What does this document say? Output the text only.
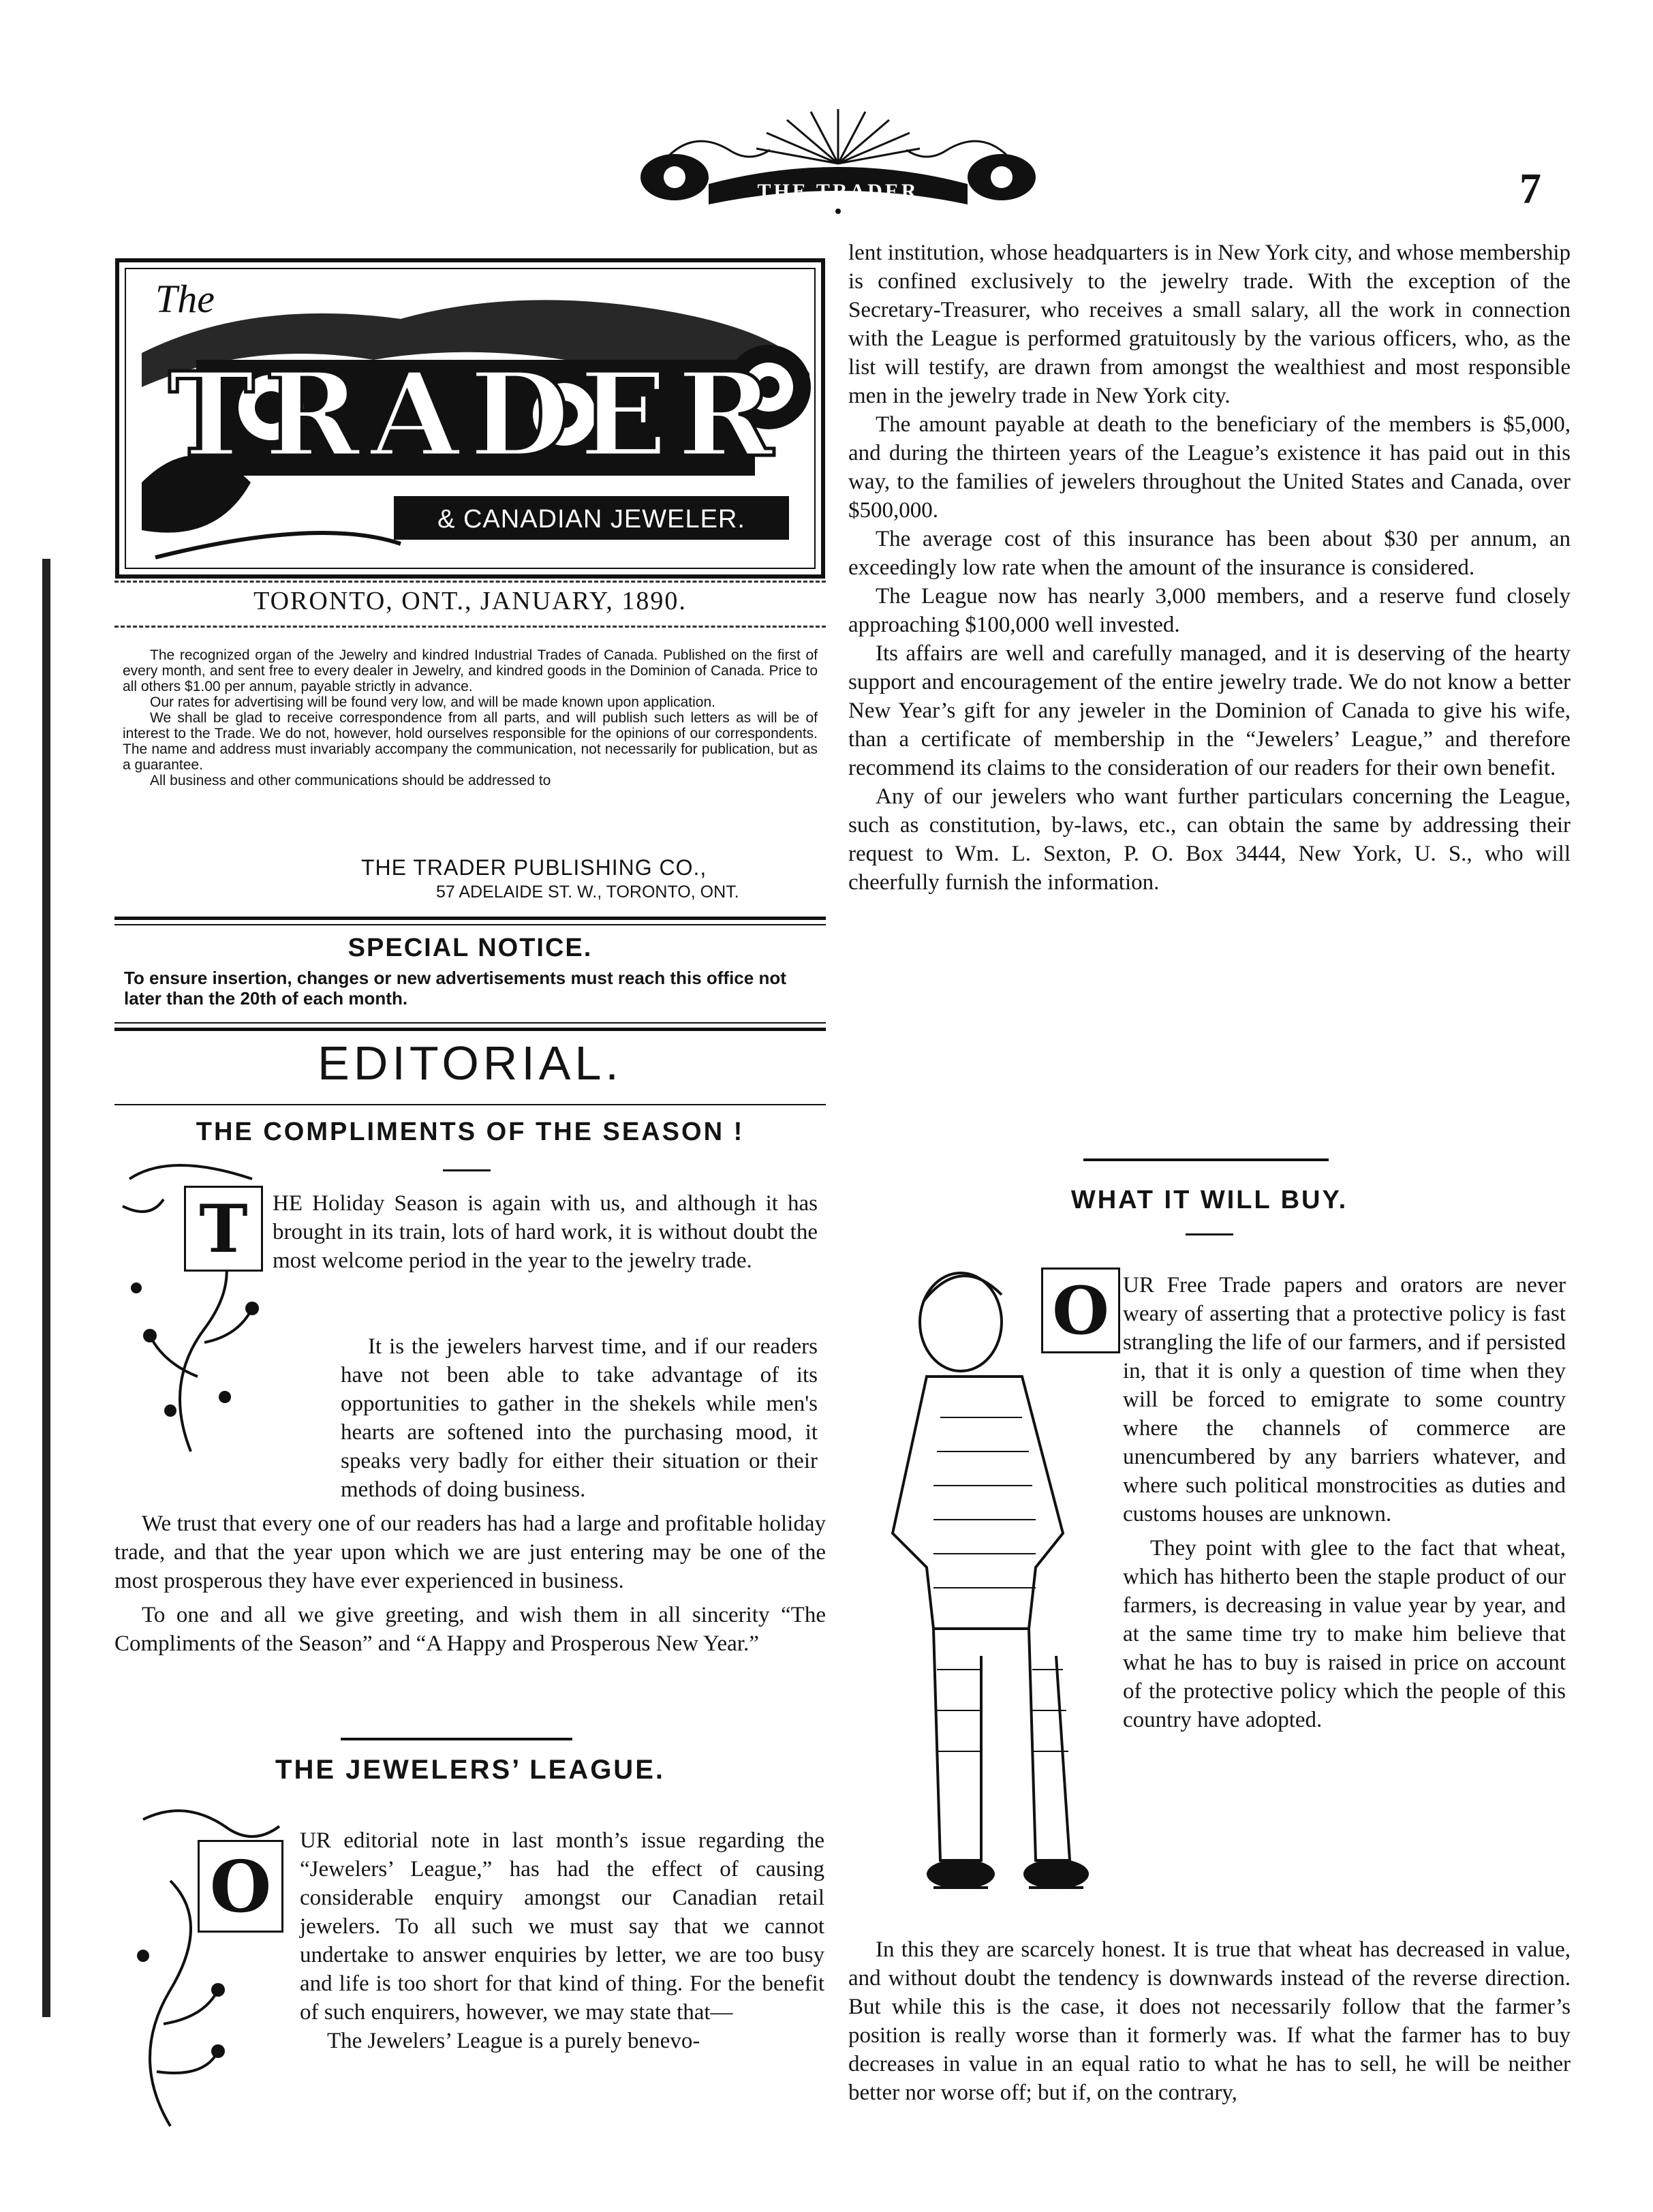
7
THE TRADER
The
TRADER
& CANADIAN JEWELER.
TORONTO, ONT., JANUARY, 1890.

The recognized organ of the Jewelry and kindred Industrial Trades of Canada. Published on the first of every month, and sent free to every dealer in Jewelry, and kindred goods in the Dominion of Canada. Price to all others $1.00 per annum, payable strictly in advance.

Our rates for advertising will be found very low, and will be made known upon application.

We shall be glad to receive correspondence from all parts, and will publish such letters as will be of interest to the Trade. We do not, however, hold ourselves responsible for the opinions of our correspondents. The name and address must invariably accompany the communication, not necessarily for publication, but as a guarantee.

All business and other communications should be addressed to

THE TRADER PUBLISHING CO.,
57 ADELAIDE ST. W., TORONTO, ONT.
SPECIAL NOTICE.
To ensure insertion, changes or new advertisements must reach this office not later than the 20th of each month.
EDITORIAL.
THE COMPLIMENTS OF THE SEASON !
T	HE Holiday Season is again with us, and although it has brought in its train, lots of hard work, it is without doubt the most welcome period in the year to the jewelry trade.

It is the jewelers harvest time, and if our readers have not been able to take advantage of its opportunities to gather in the shekels while men's hearts are softened into the purchasing mood, it speaks very badly for either their situation or their methods of doing business.

We trust that every one of our readers has had a large and profitable holiday trade, and that the year upon which we are just entering may be one of the most prosperous they have ever experienced in business.

To one and all we give greeting, and wish them in all sincerity “The Compliments of the Season” and “A Happy and Prosperous New Year.”

THE JEWELERS’ LEAGUE.
O

UR editorial note in last month’s issue regarding the “Jewelers’ League,” has had the effect of causing considerable enquiry amongst our Canadian retail jewelers. To all such we must say that we cannot undertake to answer enquiries by letter, we are too busy and life is too short for that kind of thing. For the benefit of such enquirers, however, we may state that—

The Jewelers’ League is a purely benevo-

lent institution, whose headquarters is in New York city, and whose membership is confined exclusively to the jewelry trade. With the exception of the Secretary-Treasurer, who receives a small salary, all the work in connection with the League is performed gratuitously by the various officers, who, as the list will testify, are drawn from amongst the wealthiest and most responsible men in the jewelry trade in New York city.

The amount payable at death to the beneficiary of the members is $5,000, and during the thirteen years of the League’s existence it has paid out in this way, to the families of jewelers throughout the United States and Canada, over $500,000.

The average cost of this insurance has been about $30 per annum, an exceedingly low rate when the amount of the insurance is considered.

The League now has nearly 3,000 members, and a reserve fund closely approaching $100,000 well invested.

Its affairs are well and carefully managed, and it is deserving of the hearty support and encouragement of the entire jewelry trade. We do not know a better New Year’s gift for any jeweler in the Dominion of Canada to give his wife, than a certificate of membership in the “Jewelers’ League,” and therefore recommend its claims to the consideration of our readers for their own benefit.

Any of our jewelers who want further particulars concerning the League, such as constitution, by-laws, etc., can obtain the same by addressing their request to Wm. L. Sexton, P. O. Box 3444, New York, U. S., who will cheerfully furnish the information.

WHAT IT WILL BUY.
O UR Free Trade papers and orators are never weary of asserting that a protective policy is fast strangling the life of our farmers, and if persisted in, that it is only a question of time when they will be forced to emigrate to some country where the channels of commerce are unencumbered by any barriers whatever, and where such political monstrocities as duties and customs houses are unknown.

They point with glee to the fact that wheat, which has hitherto been the staple product of our farmers, is decreasing in value year by year, and at the same time try to make him believe that what he has to buy is raised in price on account of the protective policy which the people of this country have adopted.

In this they are scarcely honest. It is true that wheat has decreased in value, and without doubt the tendency is downwards instead of the reverse direction. But while this is the case, it does not necessarily follow that the farmer’s position is really worse than it formerly was. If what the farmer has to buy decreases in value in an equal ratio to what he has to sell, he will be neither better nor worse off; but if, on the contrary,
